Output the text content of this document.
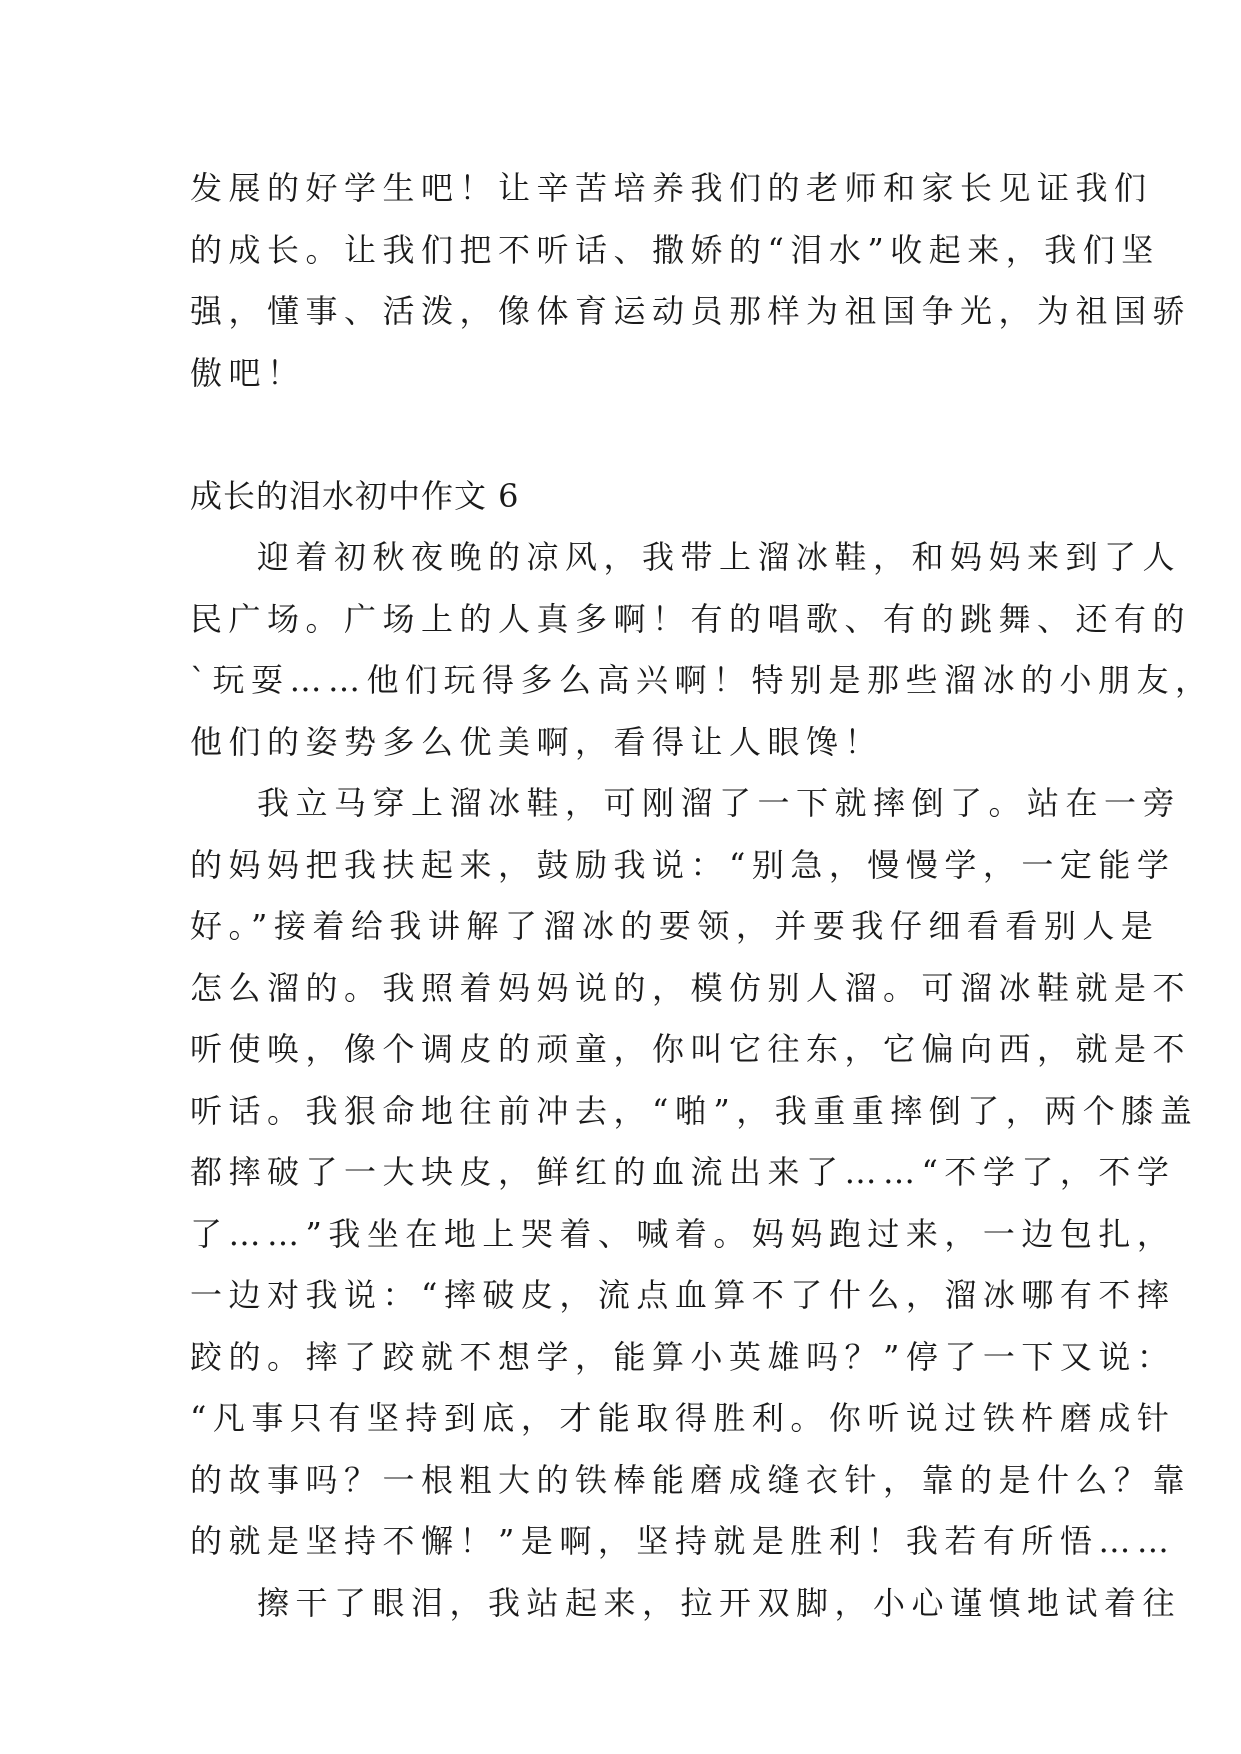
发展的好学生吧！让辛苦培养我们的老师和家长见证我们
的成长。让我们把不听话、撒娇的“泪水”收起来，我们坚
强，懂事、活泼，像体育运动员那样为祖国争光，为祖国骄
傲吧！
成长的泪水初中作文 6
迎着初秋夜晚的凉风，我带上溜冰鞋，和妈妈来到了人
民广场。广场上的人真多啊！有的唱歌、有的跳舞、还有的
`玩耍……他们玩得多么高兴啊！特别是那些溜冰的小朋友，
他们的姿势多么优美啊，看得让人眼馋！
我立马穿上溜冰鞋，可刚溜了一下就摔倒了。站在一旁
的妈妈把我扶起来，鼓励我说：“别急，慢慢学，一定能学
好。”接着给我讲解了溜冰的要领，并要我仔细看看别人是
怎么溜的。我照着妈妈说的，模仿别人溜。可溜冰鞋就是不
听使唤，像个调皮的顽童，你叫它往东，它偏向西，就是不
听话。我狠命地往前冲去，“啪”，我重重摔倒了，两个膝盖
都摔破了一大块皮，鲜红的血流出来了……“不学了，不学
了……”我坐在地上哭着、喊着。妈妈跑过来，一边包扎，
一边对我说：“摔破皮，流点血算不了什么，溜冰哪有不摔
跤的。摔了跤就不想学，能算小英雄吗？”停了一下又说：
“凡事只有坚持到底，才能取得胜利。你听说过铁杵磨成针
的故事吗？一根粗大的铁棒能磨成缝衣针，靠的是什么？靠
的就是坚持不懈！”是啊，坚持就是胜利！我若有所悟……
擦干了眼泪，我站起来，拉开双脚，小心谨慎地试着往
